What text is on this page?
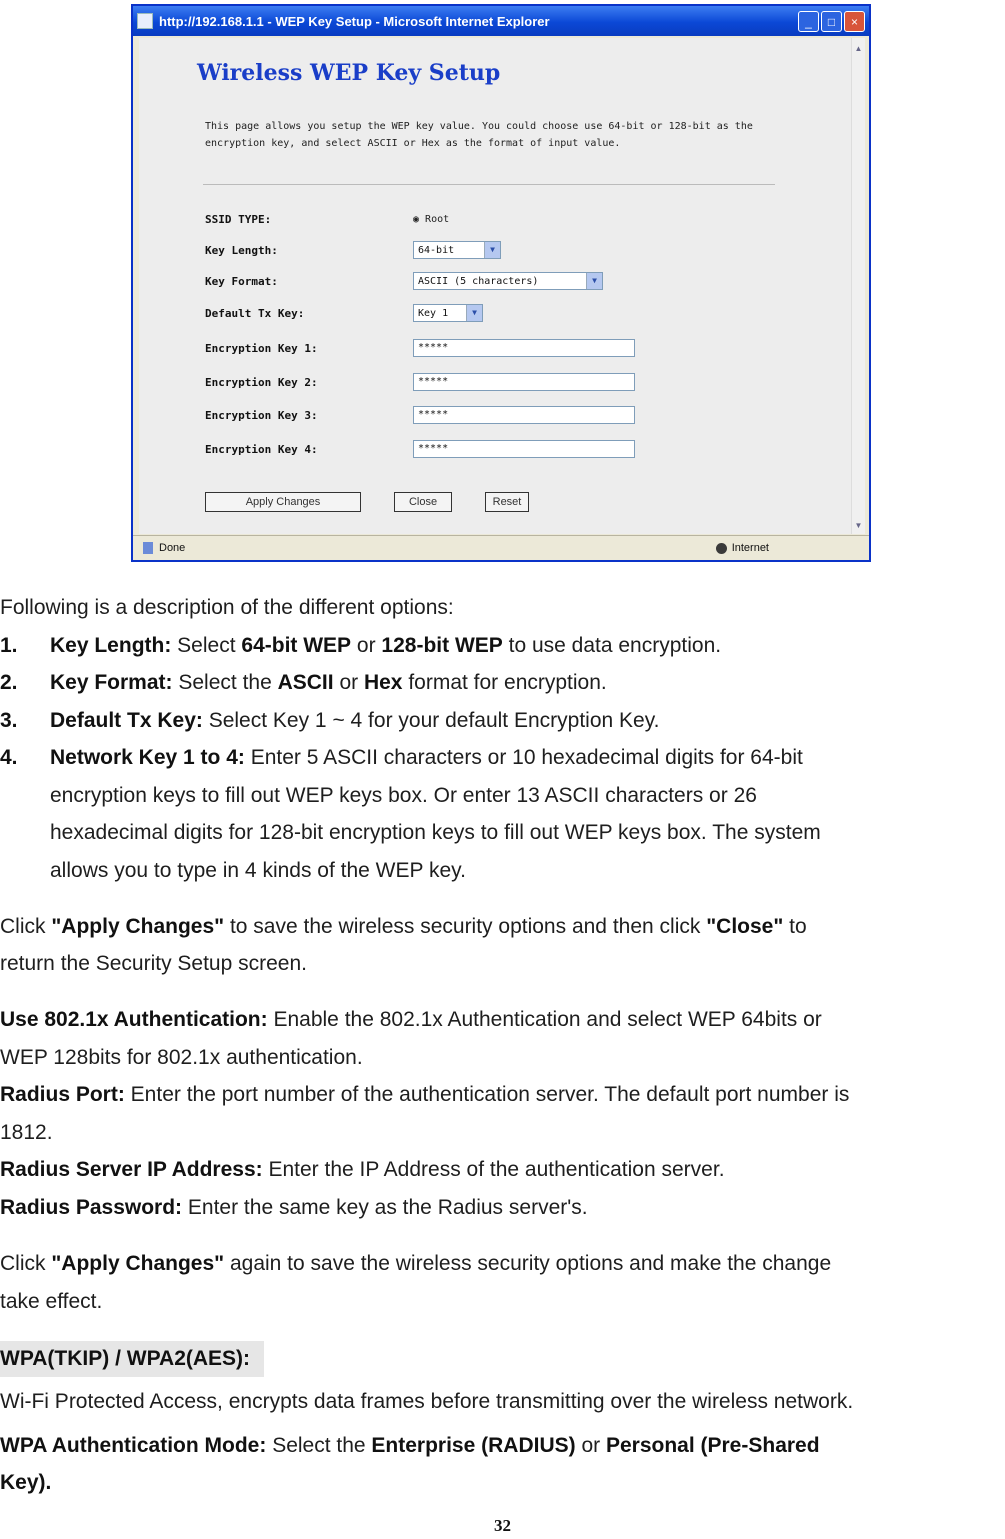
http://192.168.1.1 - WEP Key Setup - Microsoft Internet Explorer	_	□	×
Wireless WEP Key Setup
This page allows you setup the WEP key value. You could choose use 64-bit or 128-bit as the encryption key, and select ASCII or Hex as the format of input value.
SSID TYPE:	◉ Root
Key Length:	64-bit	▼
Key Format:	ASCII (5 characters)	▼
Default Tx Key:	Key 1	▼
Encryption Key 1:	*****
Encryption Key 2:	*****
Encryption Key 3:	*****
Encryption Key 4:	*****
Apply Changes	Close	Reset
▲
▼
Done	Internet
Following is a description of the different options:
1. Key Length: Select 64-bit WEP or 128-bit WEP to use data encryption.
2. Key Format: Select the ASCII or Hex format for encryption.
3. Default Tx Key: Select Key 1 ~ 4 for your default Encryption Key.
4. Network Key 1 to 4: Enter 5 ASCII characters or 10 hexadecimal digits for 64-bit
encryption keys to fill out WEP keys box. Or enter 13 ASCII characters or 26
hexadecimal digits for 128-bit encryption keys to fill out WEP keys box. The system
allows you to type in 4 kinds of the WEP key.
Click "Apply Changes" to save the wireless security options and then click "Close" to
return the Security Setup screen.
Use 802.1x Authentication: Enable the 802.1x Authentication and select WEP 64bits or
WEP 128bits for 802.1x authentication.
Radius Port: Enter the port number of the authentication server. The default port number is
1812.
Radius Server IP Address: Enter the IP Address of the authentication server.
Radius Password: Enter the same key as the Radius server's.
Click "Apply Changes" again to save the wireless security options and make the change
take effect.
WPA(TKIP) / WPA2(AES):
Wi-Fi Protected Access, encrypts data frames before transmitting over the wireless network.
WPA Authentication Mode: Select the Enterprise (RADIUS) or Personal (Pre-Shared
Key).
32
